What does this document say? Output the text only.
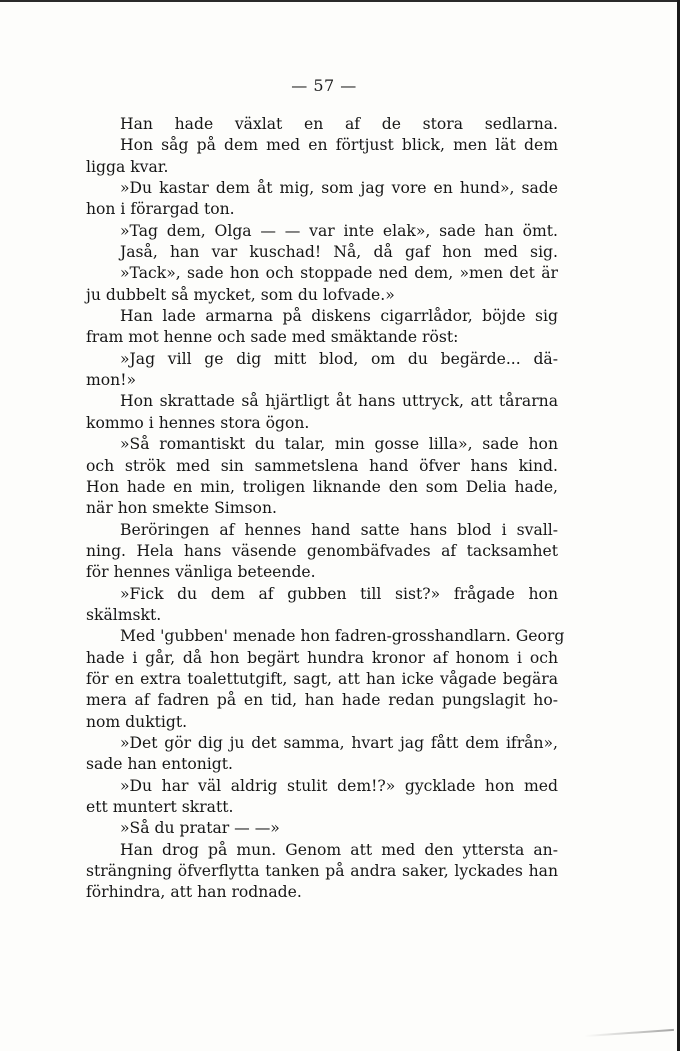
— 57 —
Han hade växlat en af de stora sedlarna.
Hon såg på dem med en förtjust blick, men lät dem
ligga kvar.
»Du kastar dem åt mig, som jag vore en hund», sade
hon i förargad ton.
»Tag dem, Olga — — var inte elak», sade han ömt.
Jaså, han var kuschad! Nå, då gaf hon med sig.
»Tack», sade hon och stoppade ned dem, »men det är
ju dubbelt så mycket, som du lofvade.»
Han lade armarna på diskens cigarrlådor, böjde sig
fram mot henne och sade med smäktande röst:
»Jag vill ge dig mitt blod, om du begärde... dä-
mon!»
Hon skrattade så hjärtligt åt hans uttryck, att tårarna
kommo i hennes stora ögon.
»Så romantiskt du talar, min gosse lilla», sade hon
och strök med sin sammetslena hand öfver hans kind.
Hon hade en min, troligen liknande den som Delia hade,
när hon smekte Simson.
Beröringen af hennes hand satte hans blod i svall-
ning. Hela hans väsende genombäfvades af tacksamhet
för hennes vänliga beteende.
»Fick du dem af gubben till sist?» frågade hon
skälmskt.
Med 'gubben' menade hon fadren-grosshandlarn. Georg
hade i går, då hon begärt hundra kronor af honom i och
för en extra toalettutgift, sagt, att han icke vågade begära
mera af fadren på en tid, han hade redan pungslagit ho-
nom duktigt.
»Det gör dig ju det samma, hvart jag fått dem ifrån»,
sade han entonigt.
»Du har väl aldrig stulit dem!?» gycklade hon med
ett muntert skratt.
»Så du pratar — —»
Han drog på mun. Genom att med den yttersta an-
strängning öfverflytta tanken på andra saker, lyckades han
förhindra, att han rodnade.
